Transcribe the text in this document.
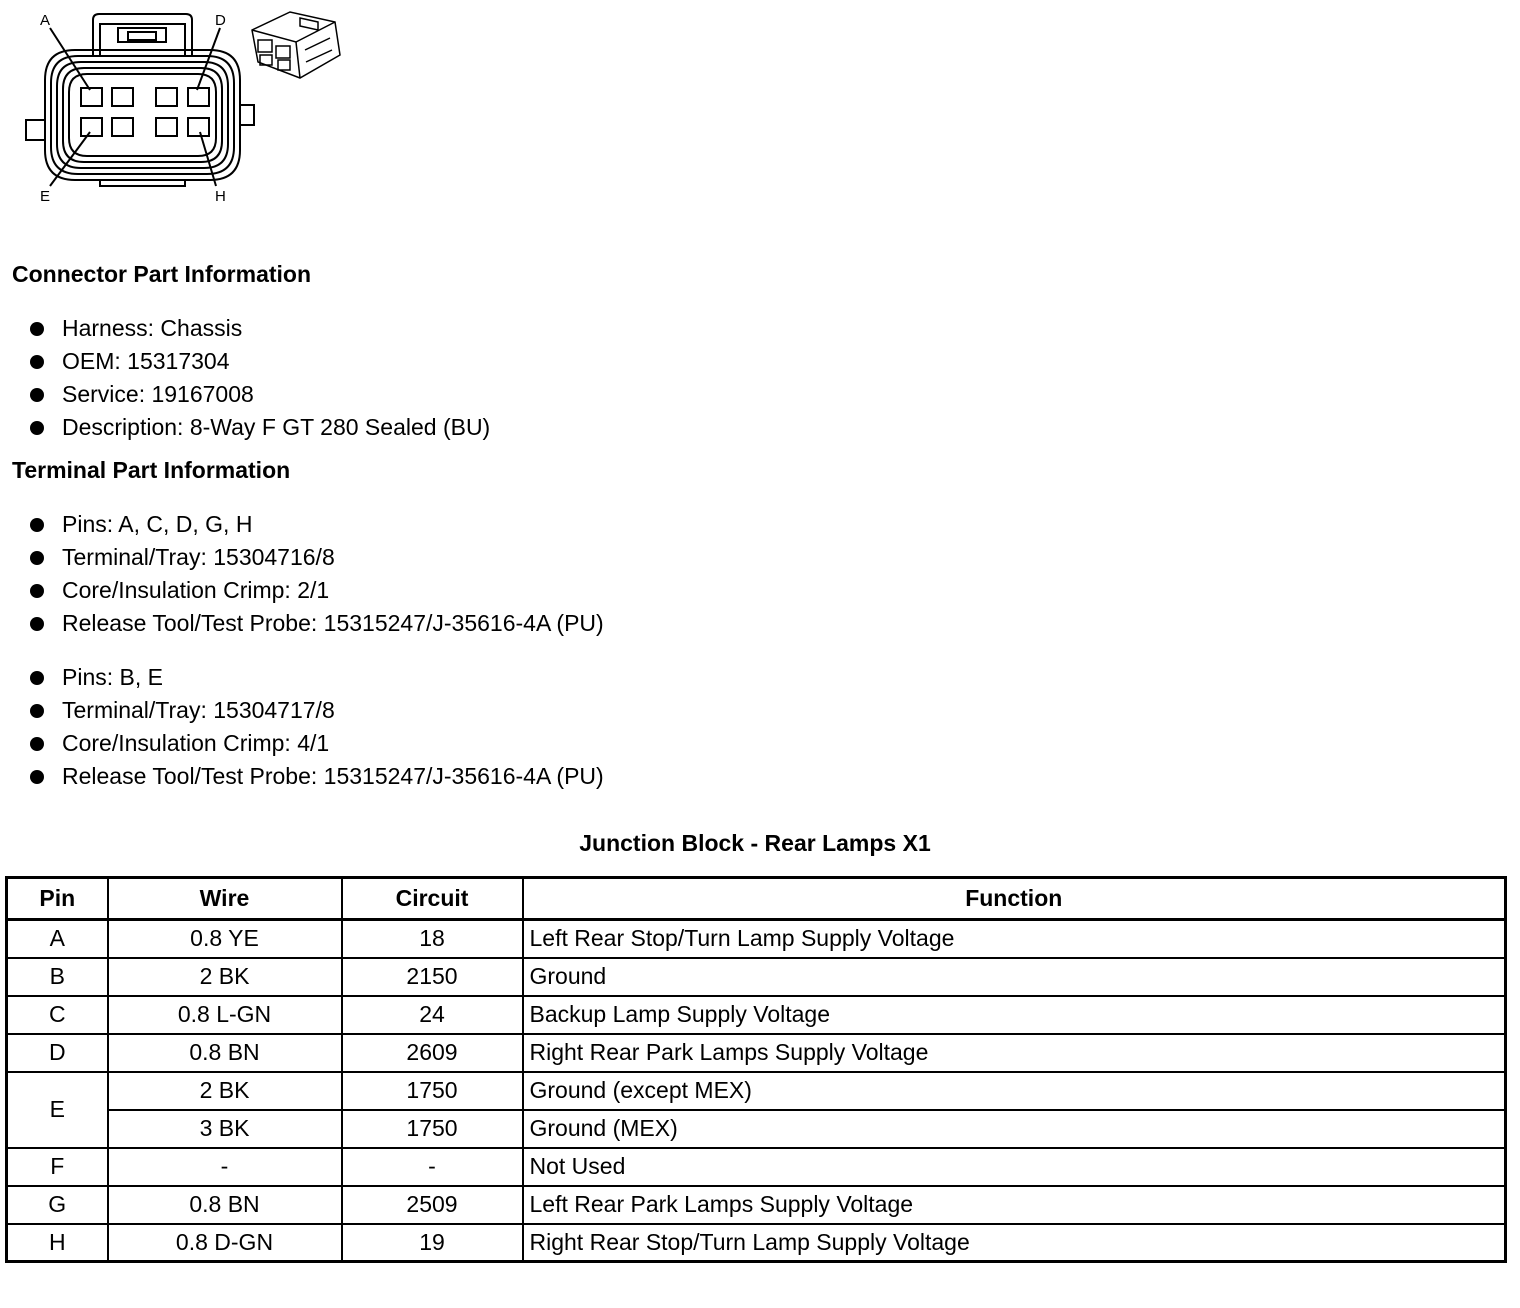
A	D
E	H
Connector Part Information
Harness: Chassis
OEM: 15317304
Service: 19167008
Description: 8-Way F GT 280 Sealed (BU)
Terminal Part Information
Pins: A, C, D, G, H
Terminal/Tray: 15304716/8
Core/Insulation Crimp: 2/1
Release Tool/Test Probe: 15315247/J-35616-4A (PU)
Pins: B, E
Terminal/Tray: 15304717/8
Core/Insulation Crimp: 4/1
Release Tool/Test Probe: 15315247/J-35616-4A (PU)
Junction Block - Rear Lamps X1
Pin	Wire	Circuit	Function
A	0.8 YE	18	Left Rear Stop/Turn Lamp Supply Voltage
B	2 BK	2150	Ground
C	0.8 L-GN	24	Backup Lamp Supply Voltage
D	0.8 BN	2609	Right Rear Park Lamps Supply Voltage
E	2 BK	1750	Ground (except MEX)
	3 BK	1750	Ground (MEX)
F	-	-	Not Used
G	0.8 BN	2509	Left Rear Park Lamps Supply Voltage
H	0.8 D-GN	19	Right Rear Stop/Turn Lamp Supply Voltage
